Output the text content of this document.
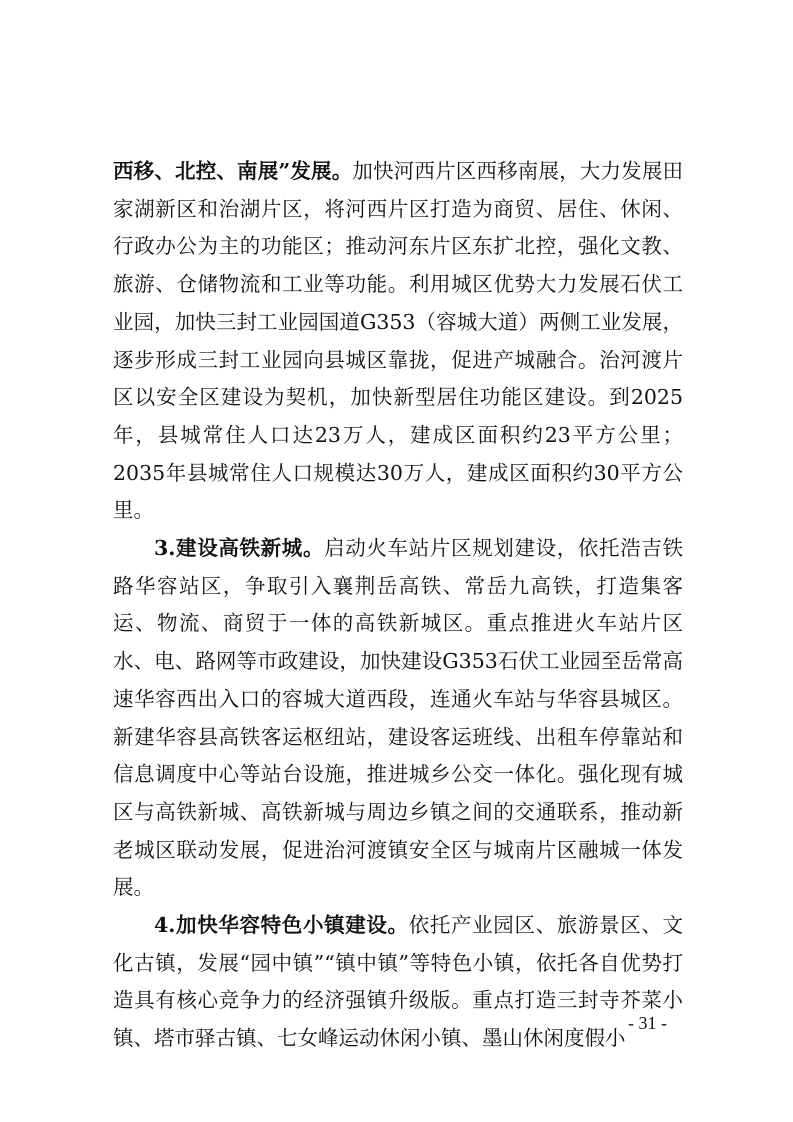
西移、北控、南展”发展。加快河西片区西移南展，大力发展田家湖新区和治湖片区，将河西片区打造为商贸、居住、休闲、行政办公为主的功能区；推动河东片区东扩北控，强化文教、旅游、仓储物流和工业等功能。利用城区优势大力发展石伏工业园，加快三封工业园国道G353（容城大道）两侧工业发展，逐步形成三封工业园向县城区靠拢，促进产城融合。治河渡片区以安全区建设为契机，加快新型居住功能区建设。到2025年，县城常住人口达23万人，建成区面积约23平方公里；2035年县城常住人口规模达30万人，建成区面积约30平方公里。

3.建设高铁新城。启动火车站片区规划建设，依托浩吉铁路华容站区，争取引入襄荆岳高铁、常岳九高铁，打造集客运、物流、商贸于一体的高铁新城区。重点推进火车站片区水、电、路网等市政建设，加快建设G353石伏工业园至岳常高速华容西出入口的容城大道西段，连通火车站与华容县城区。新建华容县高铁客运枢纽站，建设客运班线、出租车停靠站和信息调度中心等站台设施，推进城乡公交一体化。强化现有城区与高铁新城、高铁新城与周边乡镇之间的交通联系，推动新老城区联动发展，促进治河渡镇安全区与城南片区融城一体发展。

4.加快华容特色小镇建设。依托产业园区、旅游景区、文化古镇，发展“园中镇”“镇中镇”等特色小镇，依托各自优势打造具有核心竞争力的经济强镇升级版。重点打造三封寺芥菜小镇、塔市驿古镇、七女峰运动休闲小镇、墨山休闲度假小

- 31 -
